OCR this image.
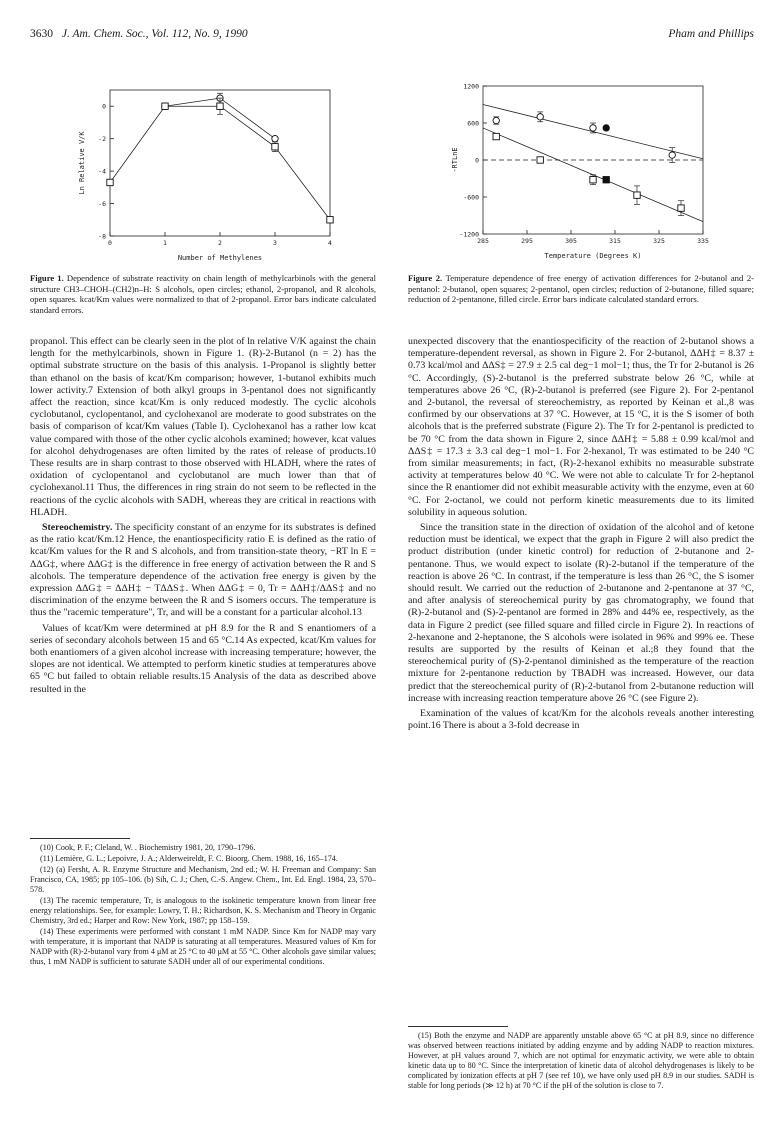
3630 J. Am. Chem. Soc., Vol. 112, No. 9, 1990	Pham and Phillips
0	1	2	3	4
0
-2
-4
-6
-8
Number of Methylenes
Ln Relative V/K
Figure 1. Dependence of substrate reactivity on chain length of methylcarbinols with the general structure CH3–CHOH–(CH2)n–H: S alcohols, open circles; ethanol, 2-propanol, and R alcohols, open squares. kcat/Km values were normalized to that of 2-propanol. Error bars indicate calculated standard errors.
285	295	305	315	325	335
1200
600
0
-600
-1200
Temperature (Degrees K)
-RTLnE
Figure 2. Temperature dependence of free energy of activation differences for 2-butanol and 2-pentanol: 2-butanol, open squares; 2-pentanol, open circles; reduction of 2-butanone, filled square; reduction of 2-pentanone, filled circle. Error bars indicate calculated standard errors.

propanol. This effect can be clearly seen in the plot of ln relative V/K against the chain length for the methylcarbinols, shown in Figure 1. (R)-2-Butanol (n = 2) has the optimal substrate structure on the basis of this analysis. 1-Propanol is slightly better than ethanol on the basis of kcat/Km comparison; however, 1-butanol exhibits much lower activity.7 Extension of both alkyl groups in 3-pentanol does not significantly affect the reaction, since kcat/Km is only reduced modestly. The cyclic alcohols cyclobutanol, cyclopentanol, and cyclohexanol are moderate to good substrates on the basis of comparison of kcat/Km values (Table I). Cyclohexanol has a rather low kcat value compared with those of the other cyclic alcohols examined; however, kcat values for alcohol dehydrogenases are often limited by the rates of release of products.10 These results are in sharp contrast to those observed with HLADH, where the rates of oxidation of cyclopentanol and cyclobutanol are much lower than that of cyclohexanol.11 Thus, the differences in ring strain do not seem to be reflected in the reactions of the cyclic alcohols with SADH, whereas they are critical in reactions with HLADH.

Stereochemistry. The specificity constant of an enzyme for its substrates is defined as the ratio kcat/Km.12 Hence, the enantiospecificity ratio E is defined as the ratio of kcat/Km values for the R and S alcohols, and from transition-state theory, −RT ln E = ΔΔG‡, where ΔΔG‡ is the difference in free energy of activation between the R and S alcohols. The temperature dependence of the activation free energy is given by the expression ΔΔG‡ = ΔΔH‡ − TΔΔS‡. When ΔΔG‡ = 0, Tr = ΔΔH‡/ΔΔS‡ and no discrimination of the enzyme between the R and S isomers occurs. The temperature is thus the "racemic temperature", Tr, and will be a constant for a particular alcohol.13

Values of kcat/Km were determined at pH 8.9 for the R and S enantiomers of a series of secondary alcohols between 15 and 65 °C.14 As expected, kcat/Km values for both enantiomers of a given alcohol increase with increasing temperature; however, the slopes are not identical. We attempted to perform kinetic studies at temperatures above 65 °C but failed to obtain reliable results.15 Analysis of the data as described above resulted in the

(10) Cook, P. F.; Cleland, W. . Biochemistry 1981, 20, 1790–1796.

(11) Lemière, G. L.; Lepoivre, J. A.; Alderweireldt, F. C. Bioorg. Chem. 1988, 16, 165–174.

(12) (a) Fersht, A. R. Enzyme Structure and Mechanism, 2nd ed.; W. H. Freeman and Company: San Francisco, CA, 1985; pp 105–106. (b) Sih, C. J.; Chen, C.-S. Angew. Chem., Int. Ed. Engl. 1984, 23, 570–578.

(13) The racemic temperature, Tr, is analogous to the isokinetic temperature known from linear free energy relationships. See, for example: Lowry, T. H.; Richardson, K. S. Mechanism and Theory in Organic Chemistry, 3rd ed.; Harper and Row: New York, 1987; pp 158–159.

(14) These experiments were performed with constant 1 mM NADP. Since Km for NADP may vary with temperature, it is important that NADP is saturating at all temperatures. Measured values of Km for NADP with (R)-2-butanol vary from 4 μM at 25 °C to 40 μM at 55 °C. Other alcohols gave similar values; thus, 1 mM NADP is sufficient to saturate SADH under all of our experimental conditions.

unexpected discovery that the enantiospecificity of the reaction of 2-butanol shows a temperature-dependent reversal, as shown in Figure 2. For 2-butanol, ΔΔH‡ = 8.37 ± 0.73 kcal/mol and ΔΔS‡ = 27.9 ± 2.5 cal deg−1 mol−1; thus, the Tr for 2-butanol is 26 °C. Accordingly, (S)-2-butanol is the preferred substrate below 26 °C, while at temperatures above 26 °C, (R)-2-butanol is preferred (see Figure 2). For 2-pentanol and 2-butanol, the reversal of stereochemistry, as reported by Keinan et al.,8 was confirmed by our observations at 37 °C. However, at 15 °C, it is the S isomer of both alcohols that is the preferred substrate (Figure 2). The Tr for 2-pentanol is predicted to be 70 °C from the data shown in Figure 2, since ΔΔH‡ = 5.88 ± 0.99 kcal/mol and ΔΔS‡ = 17.3 ± 3.3 cal deg−1 mol−1. For 2-hexanol, Tr was estimated to be 240 °C from similar measurements; in fact, (R)-2-hexanol exhibits no measurable substrate activity at temperatures below 40 °C. We were not able to calculate Tr for 2-heptanol since the R enantiomer did not exhibit measurable activity with the enzyme, even at 60 °C. For 2-octanol, we could not perform kinetic measurements due to its limited solubility in aqueous solution.

Since the transition state in the direction of oxidation of the alcohol and of ketone reduction must be identical, we expect that the graph in Figure 2 will also predict the product distribution (under kinetic control) for reduction of 2-butanone and 2-pentanone. Thus, we would expect to isolate (R)-2-butanol if the temperature of the reaction is above 26 °C. In contrast, if the temperature is less than 26 °C, the S isomer should result. We carried out the reduction of 2-butanone and 2-pentanone at 37 °C, and after analysis of stereochemical purity by gas chromatography, we found that (R)-2-butanol and (S)-2-pentanol are formed in 28% and 44% ee, respectively, as the data in Figure 2 predict (see filled square and filled circle in Figure 2). In reactions of 2-hexanone and 2-heptanone, the S alcohols were isolated in 96% and 99% ee. These results are supported by the results of Keinan et al.;8 they found that the stereochemical purity of (S)-2-pentanol diminished as the temperature of the reaction mixture for 2-pentanone reduction by TBADH was increased. However, our data predict that the stereochemical purity of (R)-2-butanol from 2-butanone reduction will increase with increasing reaction temperature above 26 °C (see Figure 2).

Examination of the values of kcat/Km for the alcohols reveals another interesting point.16 There is about a 3-fold decrease in

(15) Both the enzyme and NADP are apparently unstable above 65 °C at pH 8.9, since no difference was observed between reactions initiated by adding enzyme and by adding NADP to reaction mixtures. However, at pH values around 7, which are not optimal for enzymatic activity, we were able to obtain kinetic data up to 80 °C. Since the interpretation of kinetic data of alcohol dehydrogenases is likely to be complicated by ionization effects at pH 7 (see ref 10), we have only used pH 8.9 in our studies. SADH is stable for long periods (≫ 12 h) at 70 °C if the pH of the solution is close to 7.
